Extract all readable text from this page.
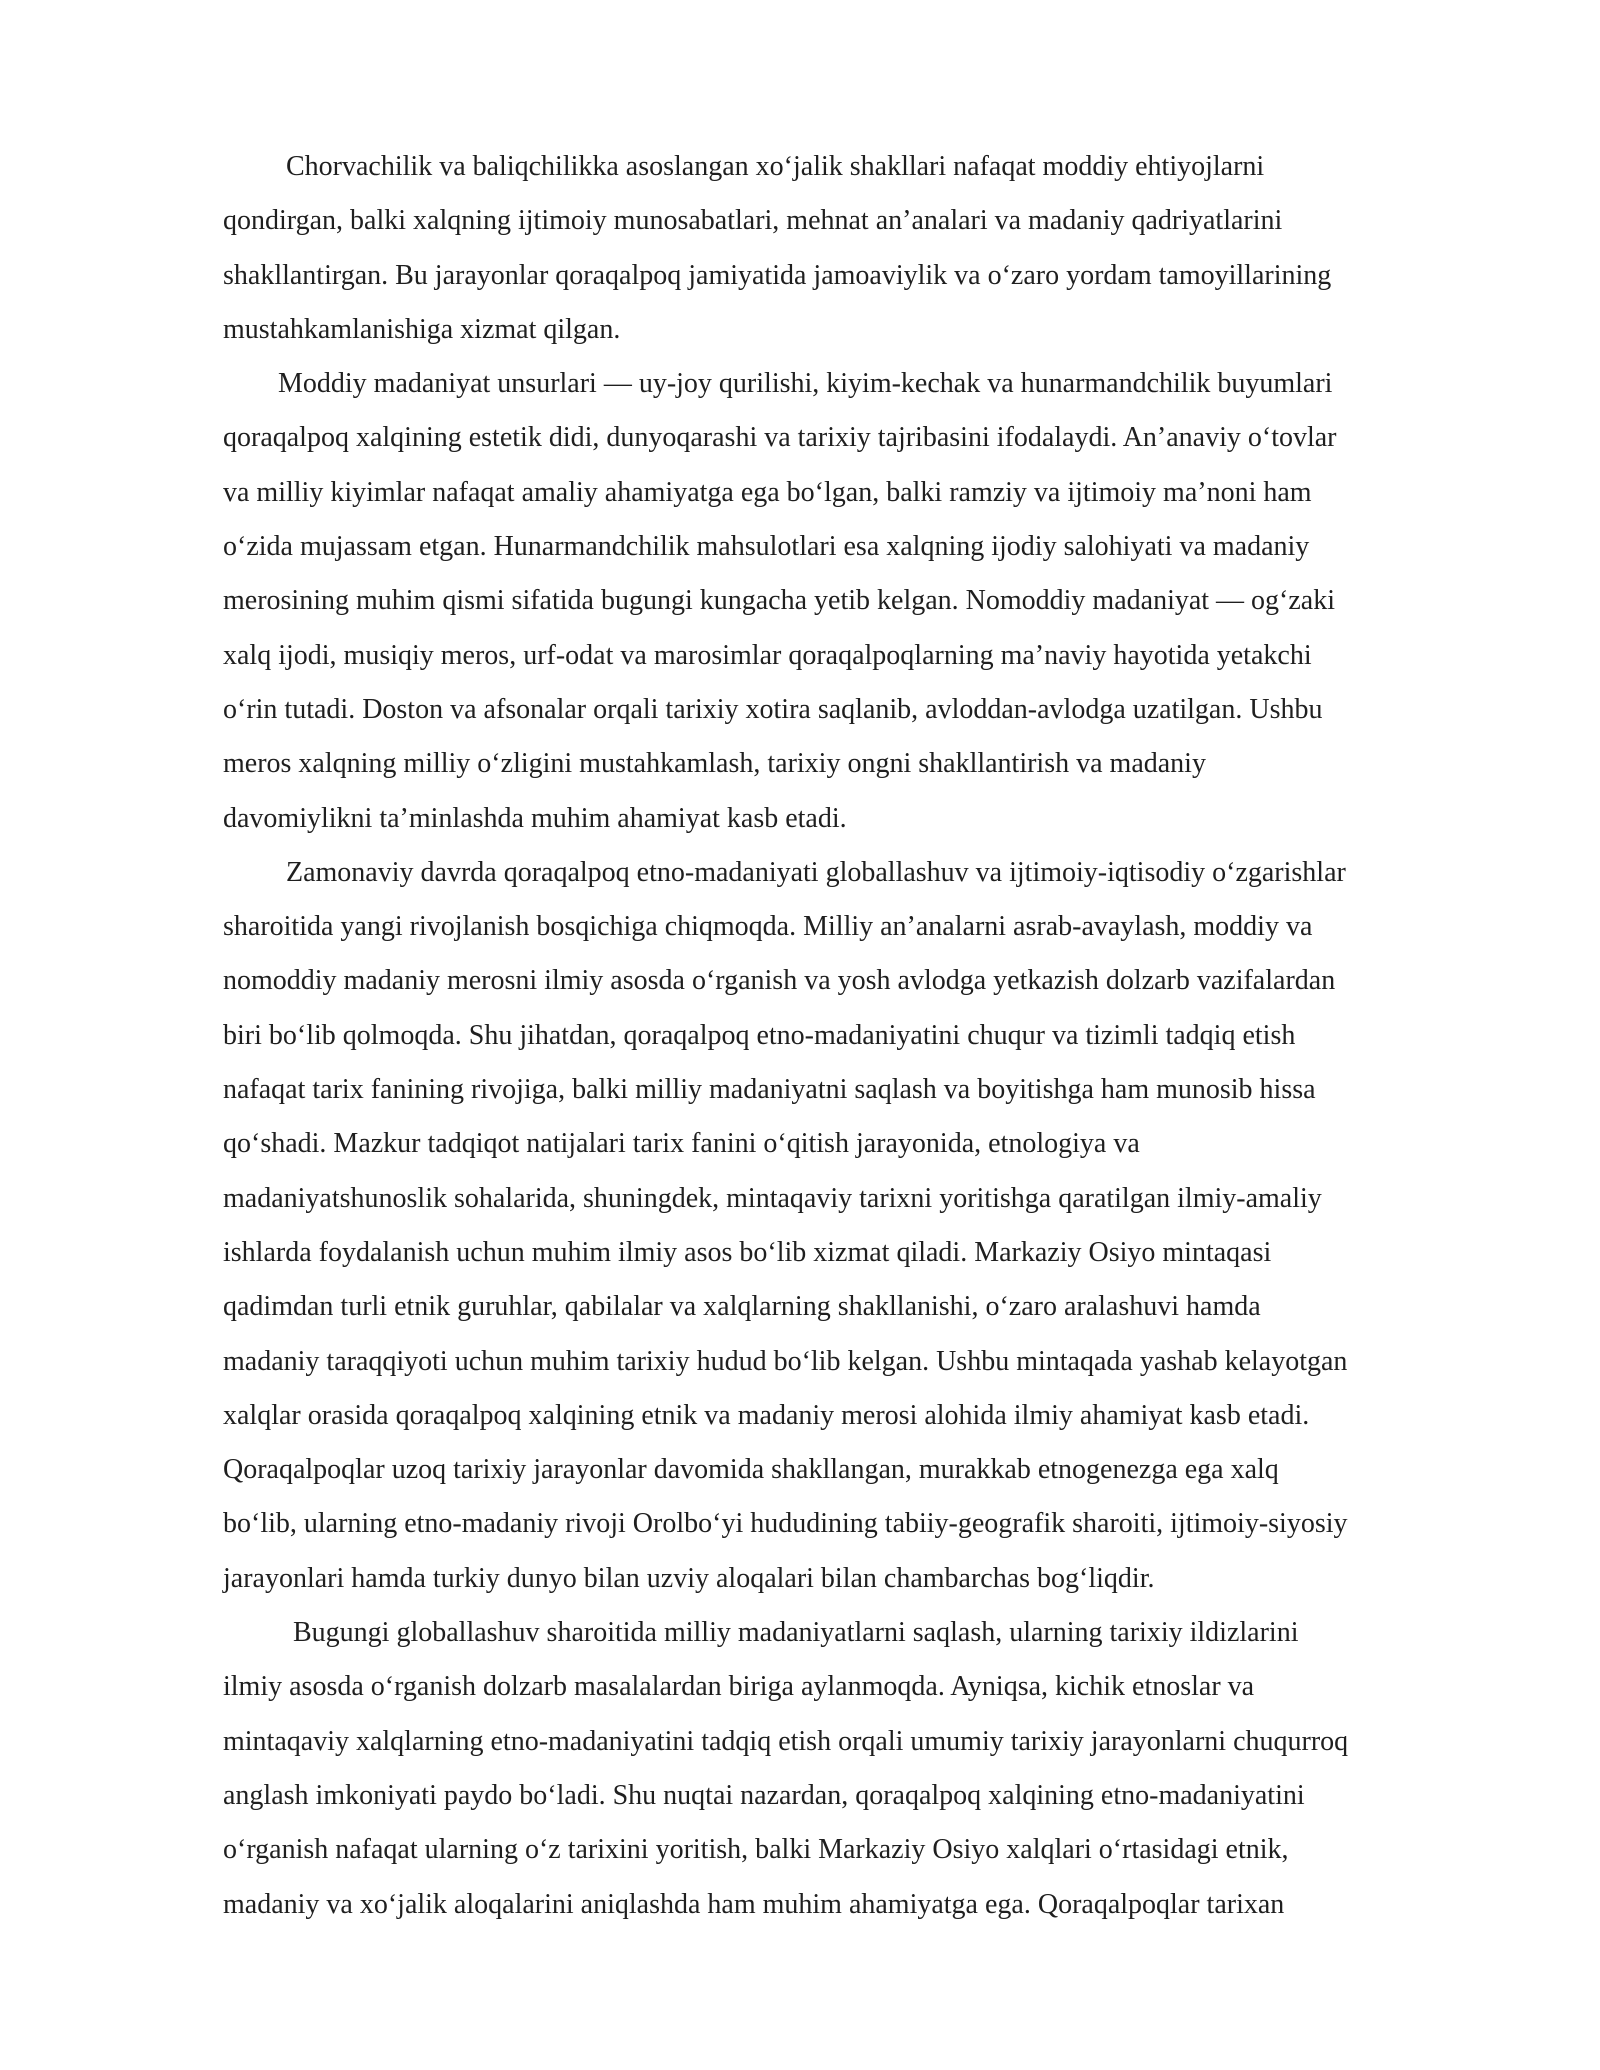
Chorvachilik va baliqchilikka asoslangan xo‘jalik shakllari nafaqat moddiy ehtiyojlarni
qondirgan, balki xalqning ijtimoiy munosabatlari, mehnat an’analari va madaniy qadriyatlarini
shakllantirgan. Bu jarayonlar qoraqalpoq jamiyatida jamoaviylik va o‘zaro yordam tamoyillarining
mustahkamlanishiga xizmat qilgan.
Moddiy madaniyat unsurlari — uy-joy qurilishi, kiyim-kechak va hunarmandchilik buyumlari
qoraqalpoq xalqining estetik didi, dunyoqarashi va tarixiy tajribasini ifodalaydi. An’anaviy o‘tovlar
va milliy kiyimlar nafaqat amaliy ahamiyatga ega bo‘lgan, balki ramziy va ijtimoiy ma’noni ham
o‘zida mujassam etgan. Hunarmandchilik mahsulotlari esa xalqning ijodiy salohiyati va madaniy
merosining muhim qismi sifatida bugungi kungacha yetib kelgan. Nomoddiy madaniyat — og‘zaki
xalq ijodi, musiqiy meros, urf-odat va marosimlar qoraqalpoqlarning ma’naviy hayotida yetakchi
o‘rin tutadi. Doston va afsonalar orqali tarixiy xotira saqlanib, avloddan-avlodga uzatilgan. Ushbu
meros xalqning milliy o‘zligini mustahkamlash, tarixiy ongni shakllantirish va madaniy
davomiylikni ta’minlashda muhim ahamiyat kasb etadi.
Zamonaviy davrda qoraqalpoq etno-madaniyati globallashuv va ijtimoiy-iqtisodiy o‘zgarishlar
sharoitida yangi rivojlanish bosqichiga chiqmoqda. Milliy an’analarni asrab-avaylash, moddiy va
nomoddiy madaniy merosni ilmiy asosda o‘rganish va yosh avlodga yetkazish dolzarb vazifalardan
biri bo‘lib qolmoqda. Shu jihatdan, qoraqalpoq etno-madaniyatini chuqur va tizimli tadqiq etish
nafaqat tarix fanining rivojiga, balki milliy madaniyatni saqlash va boyitishga ham munosib hissa
qo‘shadi. Mazkur tadqiqot natijalari tarix fanini o‘qitish jarayonida, etnologiya va
madaniyatshunoslik sohalarida, shuningdek, mintaqaviy tarixni yoritishga qaratilgan ilmiy-amaliy
ishlarda foydalanish uchun muhim ilmiy asos bo‘lib xizmat qiladi. Markaziy Osiyo mintaqasi
qadimdan turli etnik guruhlar, qabilalar va xalqlarning shakllanishi, o‘zaro aralashuvi hamda
madaniy taraqqiyoti uchun muhim tarixiy hudud bo‘lib kelgan. Ushbu mintaqada yashab kelayotgan
xalqlar orasida qoraqalpoq xalqining etnik va madaniy merosi alohida ilmiy ahamiyat kasb etadi.
Qoraqalpoqlar uzoq tarixiy jarayonlar davomida shakllangan, murakkab etnogenezga ega xalq
bo‘lib, ularning etno-madaniy rivoji Orolbo‘yi hududining tabiiy-geografik sharoiti, ijtimoiy-siyosiy
jarayonlari hamda turkiy dunyo bilan uzviy aloqalari bilan chambarchas bog‘liqdir.
Bugungi globallashuv sharoitida milliy madaniyatlarni saqlash, ularning tarixiy ildizlarini
ilmiy asosda o‘rganish dolzarb masalalardan biriga aylanmoqda. Ayniqsa, kichik etnoslar va
mintaqaviy xalqlarning etno-madaniyatini tadqiq etish orqali umumiy tarixiy jarayonlarni chuqurroq
anglash imkoniyati paydo bo‘ladi. Shu nuqtai nazardan, qoraqalpoq xalqining etno-madaniyatini
o‘rganish nafaqat ularning o‘z tarixini yoritish, balki Markaziy Osiyo xalqlari o‘rtasidagi etnik,
madaniy va xo‘jalik aloqalarini aniqlashda ham muhim ahamiyatga ega. Qoraqalpoqlar tarixan
